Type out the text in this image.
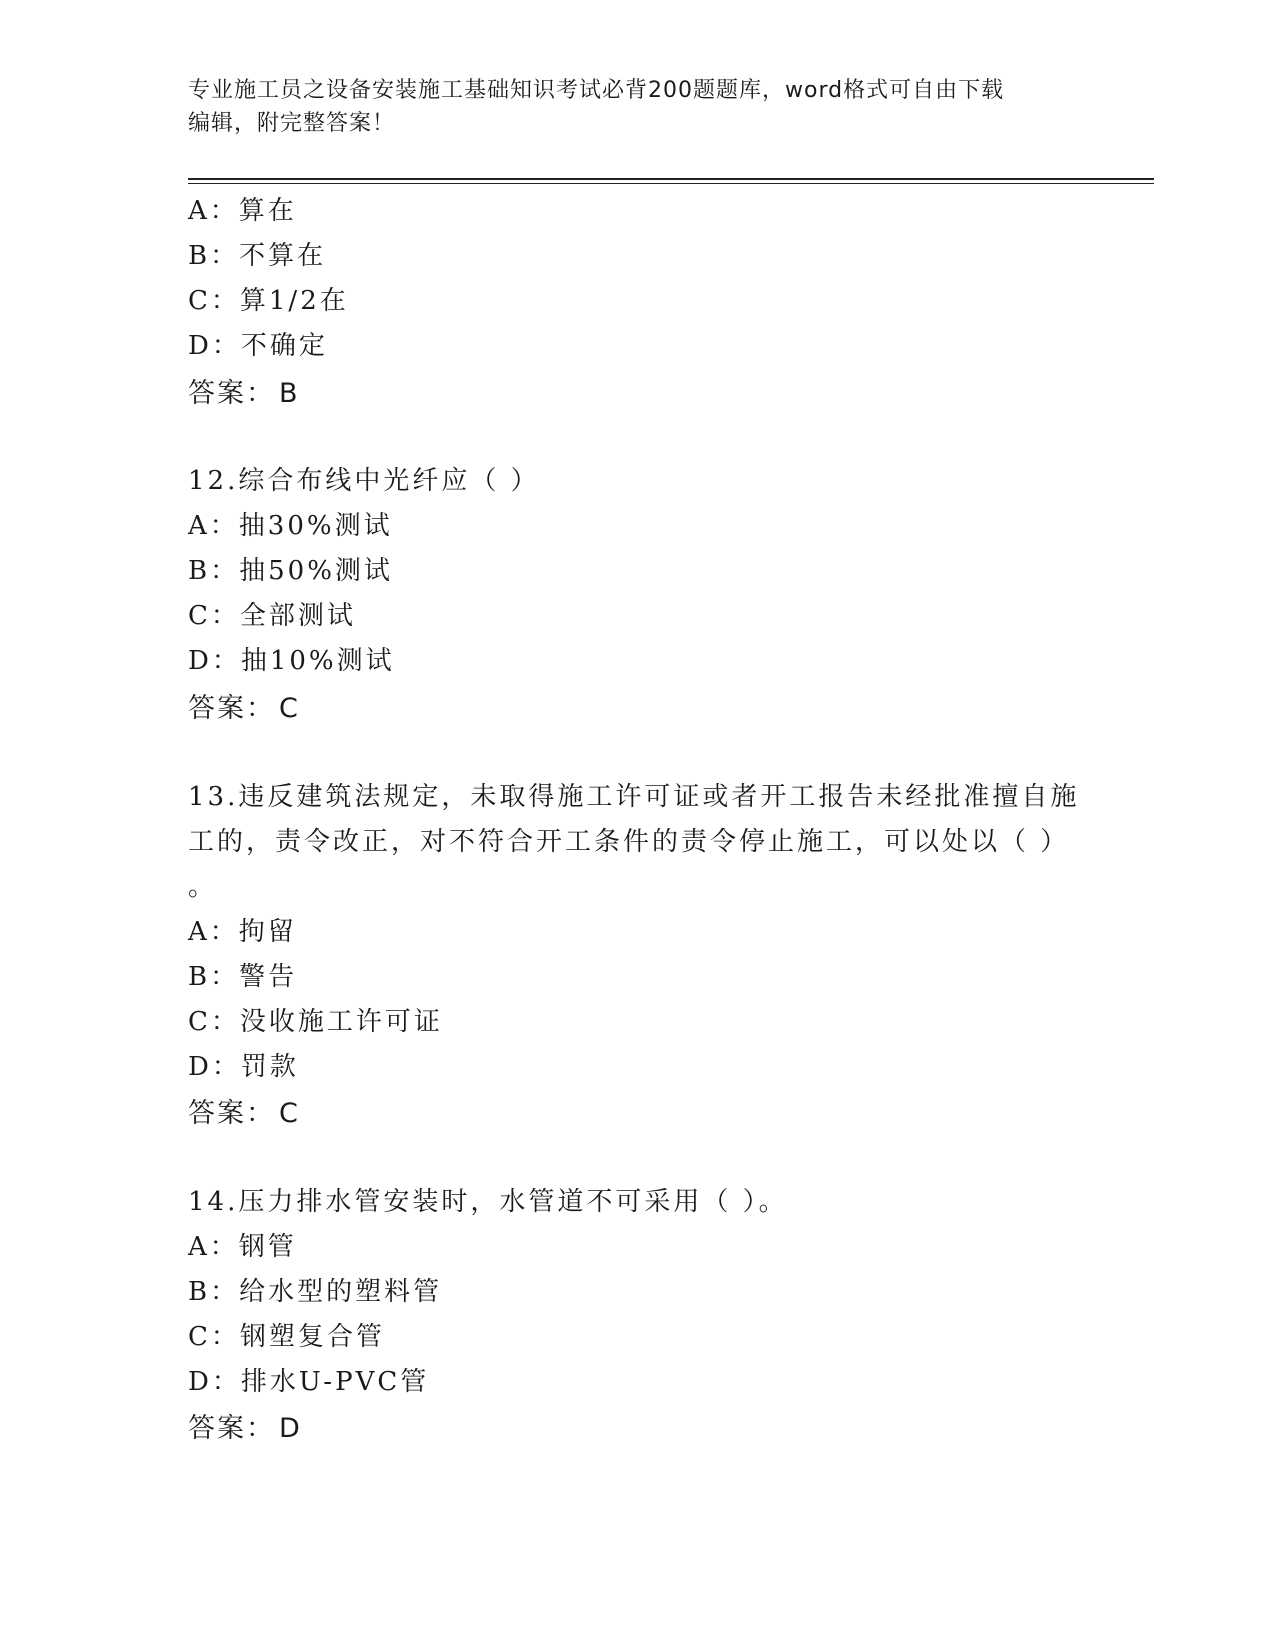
专业施工员之设备安装施工基础知识考试必背200题题库，word格式可自由下载
编辑，附完整答案！
A：算在
B：不算在
C：算1/2在
D：不确定
答案： B
12.综合布线中光纤应（ ）
A：抽30%测试
B：抽50%测试
C：全部测试
D：抽10%测试
答案： C
13.违反建筑法规定，未取得施工许可证或者开工报告未经批准擅自施
工的，责令改正，对不符合开工条件的责令停止施工，可以处以（ ）
。
A：拘留
B：警告
C：没收施工许可证
D：罚款
答案： C
14.压力排水管安装时，水管道不可采用（ ）。
A：钢管
B：给水型的塑料管
C：钢塑复合管
D：排水U-PVC管
答案： D
